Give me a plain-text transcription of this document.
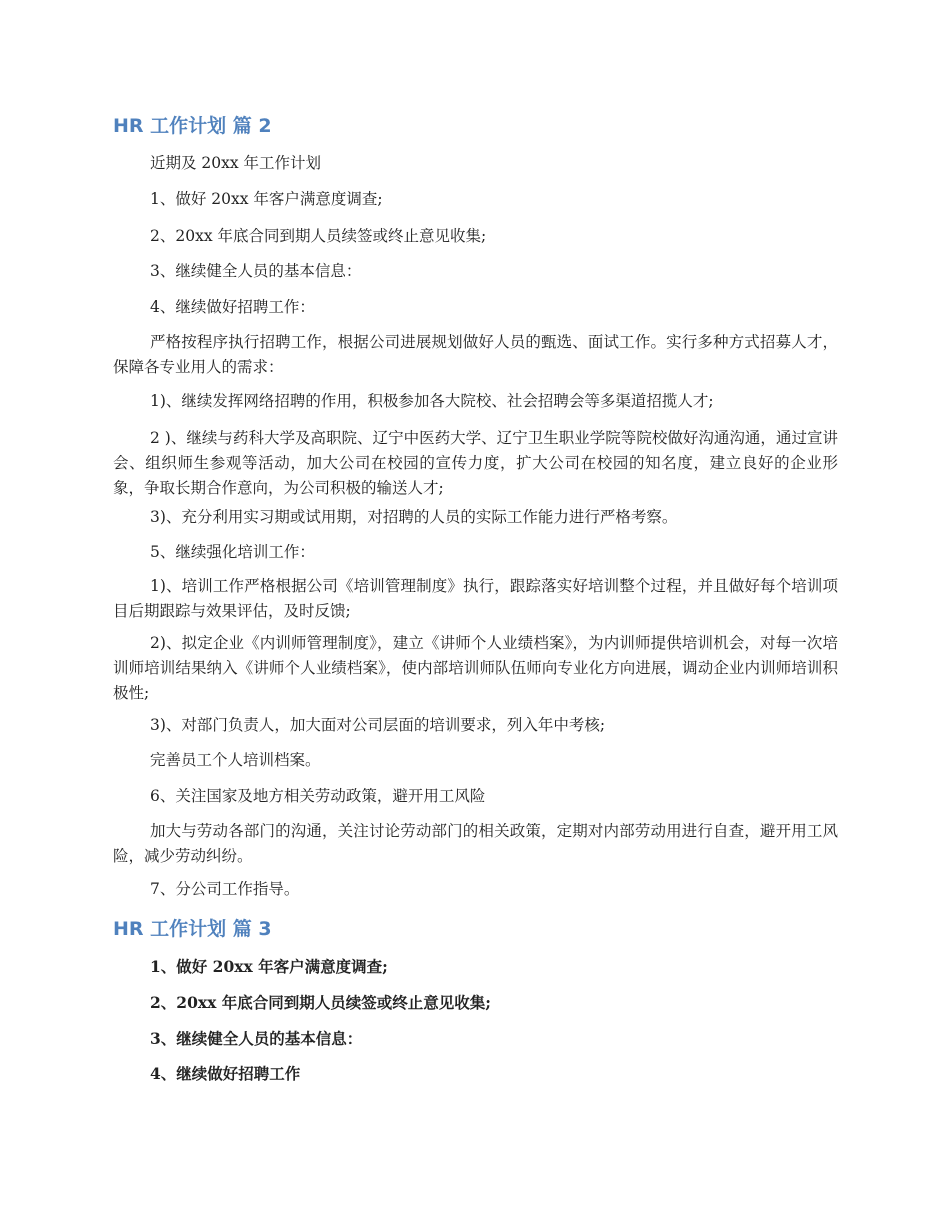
HR 工作计划 篇 2
近期及 20xx 年工作计划
1、做好 20xx 年客户满意度调查;
2、20xx 年底合同到期人员续签或终止意见收集;
3、继续健全人员的基本信息：
4、继续做好招聘工作：
严格按程序执行招聘工作，根据公司进展规划做好人员的甄选、面试工作。实行多种方式招募人才，保障各专业用人的需求：
1)、继续发挥网络招聘的作用，积极参加各大院校、社会招聘会等多渠道招揽人才;
2 )、继续与药科大学及高职院、辽宁中医药大学、辽宁卫生职业学院等院校做好沟通沟通，通过宣讲会、组织师生参观等活动，加大公司在校园的宣传力度，扩大公司在校园的知名度，建立良好的企业形象，争取长期合作意向，为公司积极的输送人才;
3)、充分利用实习期或试用期，对招聘的人员的实际工作能力进行严格考察。
5、继续强化培训工作：
1)、培训工作严格根据公司《培训管理制度》执行，跟踪落实好培训整个过程，并且做好每个培训项目后期跟踪与效果评估，及时反馈;
2)、拟定企业《内训师管理制度》，建立《讲师个人业绩档案》，为内训师提供培训机会，对每一次培训师培训结果纳入《讲师个人业绩档案》，使内部培训师队伍师向专业化方向进展，调动企业内训师培训积极性;
3)、对部门负责人，加大面对公司层面的培训要求，列入年中考核;
完善员工个人培训档案。
6、关注国家及地方相关劳动政策，避开用工风险
加大与劳动各部门的沟通，关注讨论劳动部门的相关政策，定期对内部劳动用进行自查，避开用工风险，减少劳动纠纷。
7、分公司工作指导。
HR 工作计划 篇 3
1、做好 20xx 年客户满意度调查;
2、20xx 年底合同到期人员续签或终止意见收集;
3、继续健全人员的基本信息：
4、继续做好招聘工作
